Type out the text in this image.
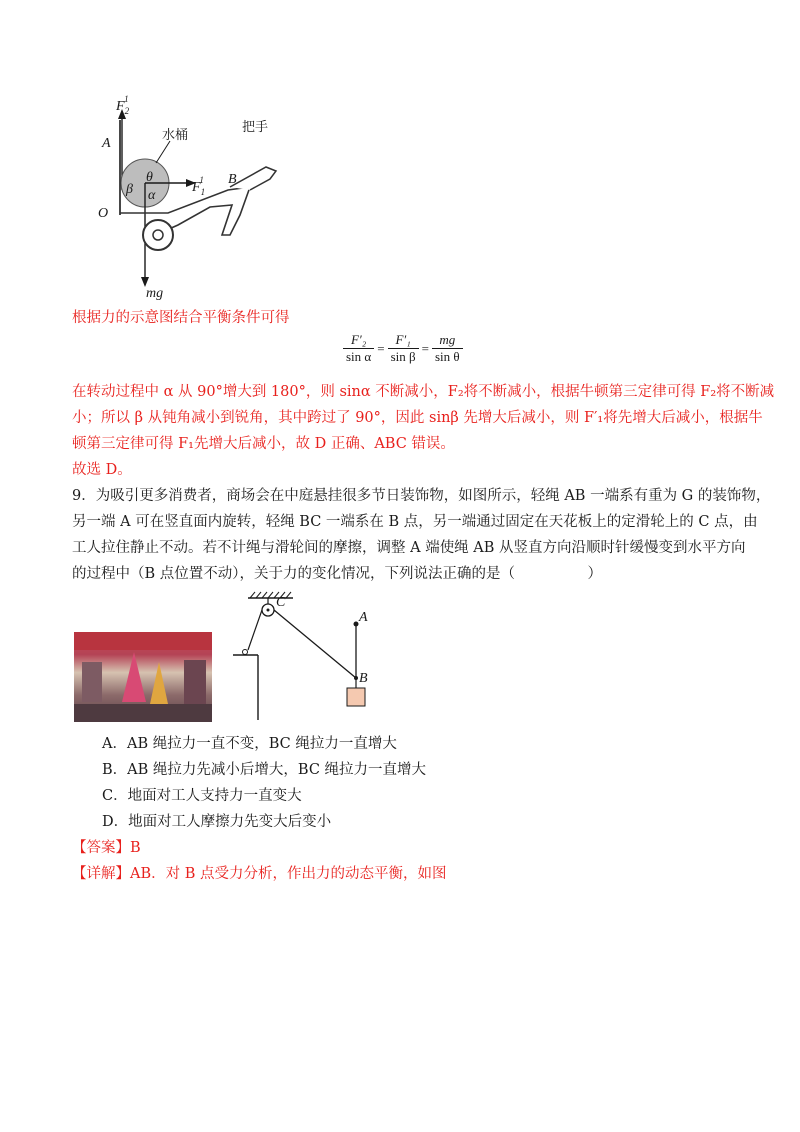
$F_21$
水桶
把手
A
B
O
θ
β α
$F_11$
mg
根据力的示意图结合平衡条件可得
$\frac{\text{F′₂}}{\text{sin α}} = \frac{\text{F′₁}}{\text{sin β}} = \frac{mg}{\text{sin θ}}$
在转动过程中 α 从 90°增大到 180°，则 sinα 不断减小，F₂将不断减小，根据牛顿第三定律可得 F₂将不断减
小；所以 β 从钝角减小到锐角，其中跨过了 90°，因此 sinβ 先增大后减小，则 F′₁将先增大后减小，根据牛
顿第三定律可得 F₁先增大后减小，故 D 正确、ABC 错误。
故选 D。
9．为吸引更多消费者，商场会在中庭悬挂很多节日装饰物，如图所示，轻绳 AB 一端系有重为 G 的装饰物，
另一端 A 可在竖直面内旋转，轻绳 BC 一端系在 B 点，另一端通过固定在天花板上的定滑轮上的 C 点，由
工人拉住静止不动。若不计绳与滑轮间的摩擦，调整 A 端使绳 AB 从竖直方向沿顺时针缓慢变到水平方向
的过程中（B 点位置不动），关于力的变化情况，下列说法正确的是（　　　　　）
C
A
B
A．AB 绳拉力一直不变，BC 绳拉力一直增大
B．AB 绳拉力先减小后增大，BC 绳拉力一直增大
C．地面对工人支持力一直变大
D．地面对工人摩擦力先变大后变小
【答案】B
【详解】AB．对 B 点受力分析，作出力的动态平衡，如图
